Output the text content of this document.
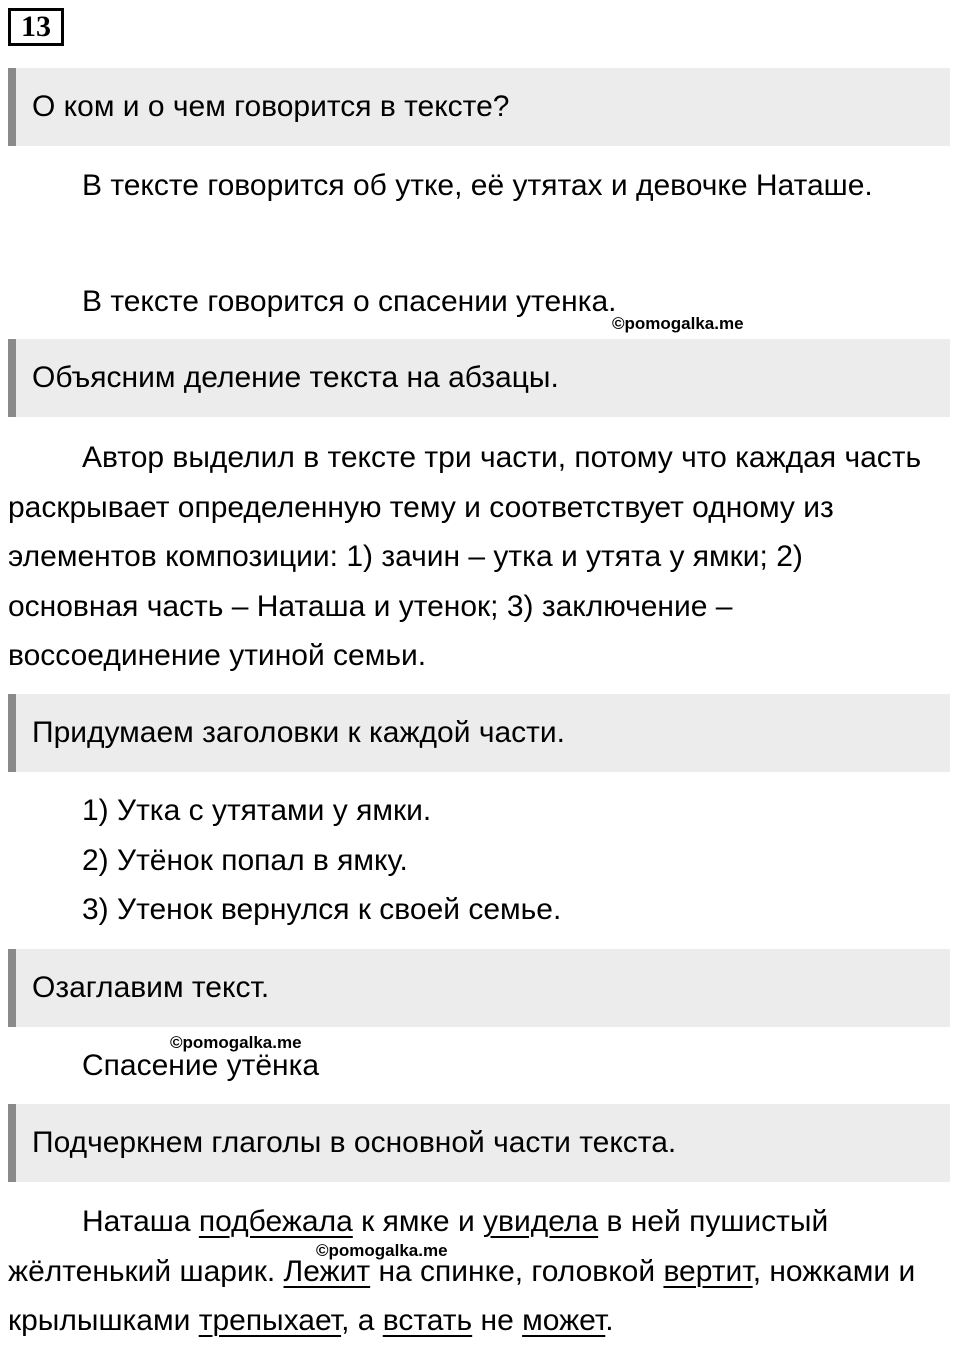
13
О ком и о чем говорится в тексте?

В тексте говорится об утке, её утятах и девочке Наташе.

В тексте говорится о спасении утенка.

©pomogalka.me
Объясним деление текста на абзацы.

Автор выделил в тексте три части, потому что каждая часть раскрывает определенную тему и соответствует одному из элементов композиции: 1) зачин – утка и утята у ямки; 2) основная часть – Наташа и утенок; 3) заключение – воссоединение утиной семьи.

Придумаем заголовки к каждой части.
1) Утка с утятами у ямки.
2) Утёнок попал в ямку.
3) Утенок вернулся к своей семье.
Озаглавим текст.
©pomogalka.me
Спасение утёнка
Подчеркнем глаголы в основной части текста.

Наташа подбежала к ямке и увидела в ней пушистый жёлтенький шарик. Лежит на спинке, головкой вертит, ножками и крылышками трепыхает, а встать не может.

©pomogalka.me
